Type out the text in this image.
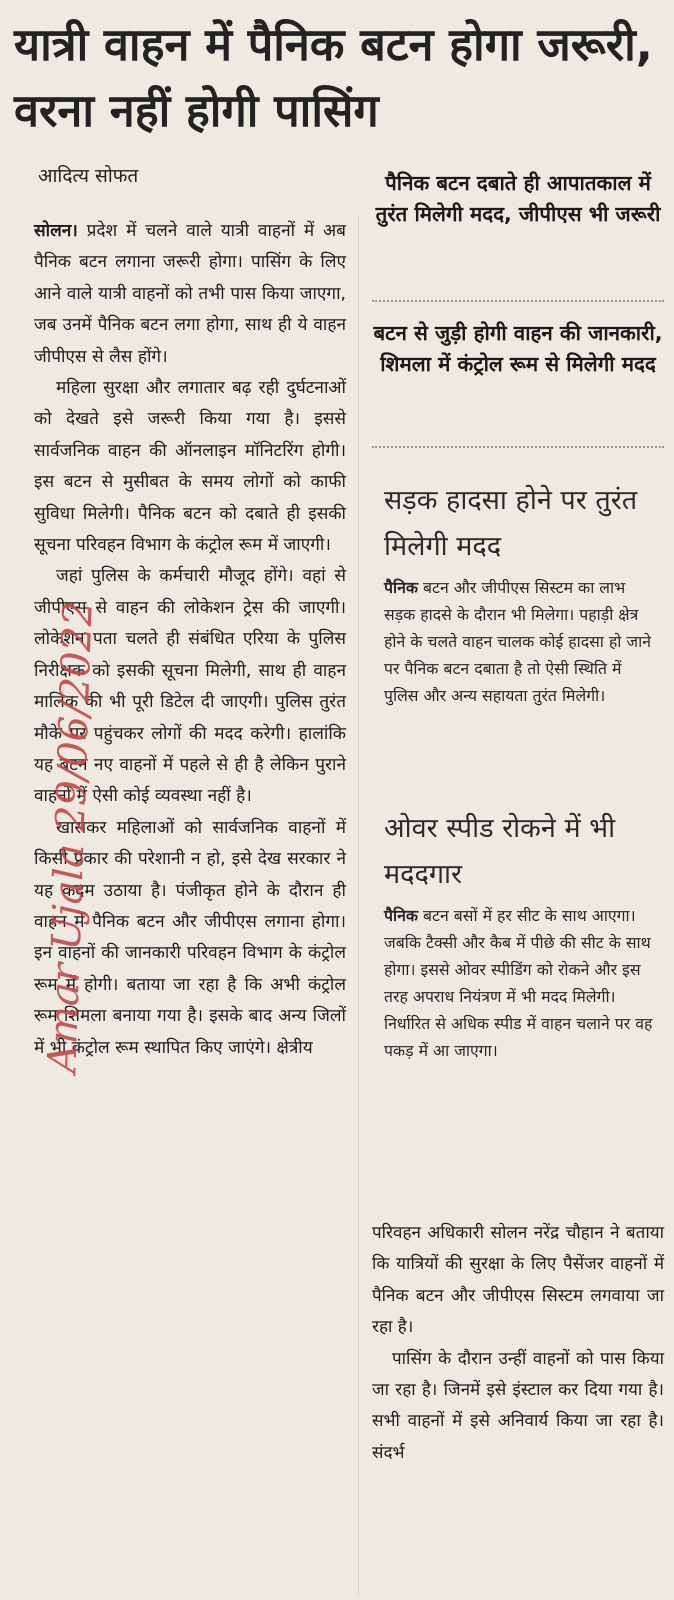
यात्री वाहन में पैनिक बटन होगा जरूरी, वरना नहीं होगी पासिंग
आदित्य सोफत

सोलन। प्रदेश में चलने वाले यात्री वाहनों में अब पैनिक बटन लगाना जरूरी होगा। पासिंग के लिए आने वाले यात्री वाहनों को तभी पास किया जाएगा, जब उनमें पैनिक बटन लगा होगा, साथ ही ये वाहन जीपीएस से लैस होंगे।

महिला सुरक्षा और लगातार बढ़ रही दुर्घटनाओं को देखते इसे जरूरी किया गया है। इससे सार्वजनिक वाहन की ऑनलाइन मॉनिटरिंग होगी। इस बटन से मुसीबत के समय लोगों को काफी सुविधा मिलेगी। पैनिक बटन को दबाते ही इसकी सूचना परिवहन विभाग के कंट्रोल रूम में जाएगी।

जहां पुलिस के कर्मचारी मौजूद होंगे। वहां से जीपीएस से वाहन की लोकेशन ट्रेस की जाएगी। लोकेशन पता चलते ही संबंधित एरिया के पुलिस निरीक्षक को इसकी सूचना मिलेगी, साथ ही वाहन मालिक की भी पूरी डिटेल दी जाएगी। पुलिस तुरंत मौके पर पहुंचकर लोगों की मदद करेगी। हालांकि यह बटन नए वाहनों में पहले से ही है लेकिन पुराने वाहनों में ऐसी कोई व्यवस्था नहीं है।

खासकर महिलाओं को सार्वजनिक वाहनों में किसी प्रकार की परेशानी न हो, इसे देख सरकार ने यह कदम उठाया है। पंजीकृत होने के दौरान ही वाहन में पैनिक बटन और जीपीएस लगाना होगा। इन वाहनों की जानकारी परिवहन विभाग के कंट्रोल रूम में होगी। बताया जा रहा है कि अभी कंट्रोल रूम शिमला बनाया गया है। इसके बाद अन्य जिलों में भी कंट्रोल रूम स्थापित किए जाएंगे। क्षेत्रीय

पैनिक बटन दबाते ही आपातकाल में तुरंत मिलेगी मदद, जीपीएस भी जरूरी
बटन से जुड़ी होगी वाहन की जानकारी, शिमला में कंट्रोल रूम से मिलेगी मदद
सड़क हादसा होने पर तुरंत मिलेगी मदद
पैनिक बटन और जीपीएस सिस्टम का लाभ सड़क हादसे के दौरान भी मिलेगा। पहाड़ी क्षेत्र होने के चलते वाहन चालक कोई हादसा हो जाने पर पैनिक बटन दबाता है तो ऐसी स्थिति में पुलिस और अन्य सहायता तुरंत मिलेगी।
ओवर स्पीड रोकने में भी मददगार
पैनिक बटन बसों में हर सीट के साथ आएगा। जबकि टैक्सी और कैब में पीछे की सीट के साथ होगा। इससे ओवर स्पीडिंग को रोकने और इस तरह अपराध नियंत्रण में भी मदद मिलेगी। निर्धारित से अधिक स्पीड में वाहन चलाने पर वह पकड़ में आ जाएगा।

परिवहन अधिकारी सोलन नरेंद्र चौहान ने बताया कि यात्रियों की सुरक्षा के लिए पैसेंजर वाहनों में पैनिक बटन और जीपीएस सिस्टम लगवाया जा रहा है।

पासिंग के दौरान उन्हीं वाहनों को पास किया जा रहा है। जिनमें इसे इंस्टाल कर दिया गया है। सभी वाहनों में इसे अनिवार्य किया जा रहा है। संदर्भ

Amar Ujala 29/06/2022
